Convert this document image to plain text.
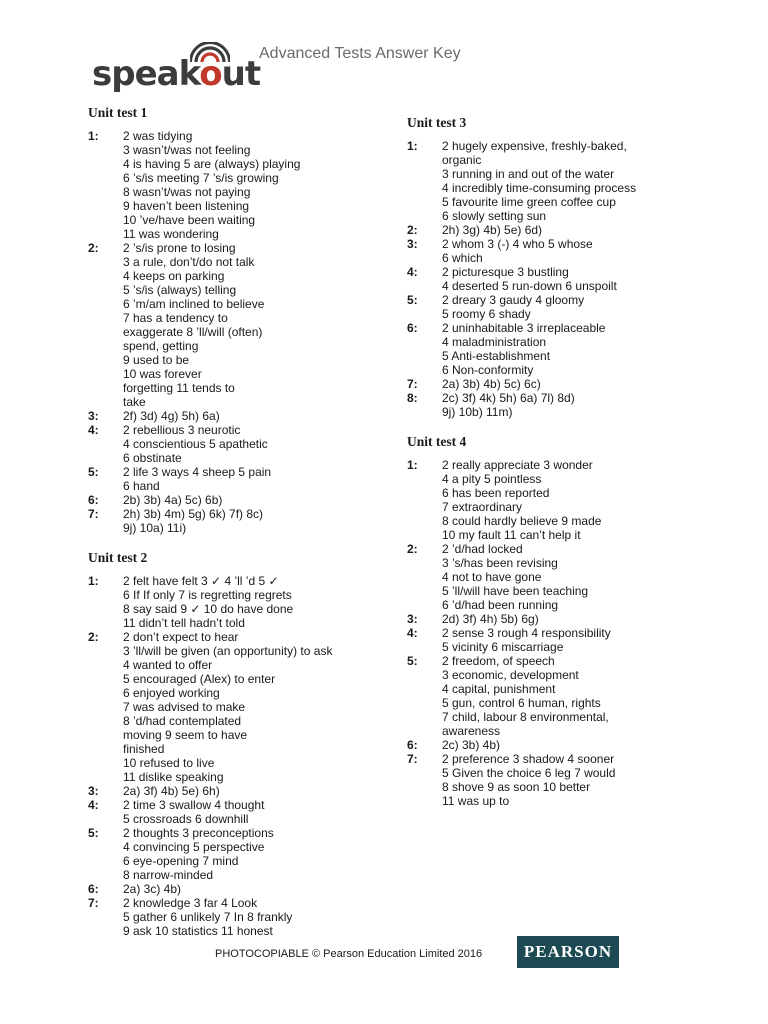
speakout
Advanced Tests Answer Key
Unit test 1
1:	2 was tidying
3 wasn’t/was not feeling
4 is having 5 are (always) playing
6 ’s/is meeting 7 ’s/is growing
8 wasn’t/was not paying
9 haven’t been listening
10 ’ve/have been waiting
11 was wondering
2:	2 ’s/is prone to losing
3 a rule, don’t/do not talk
4 keeps on parking
5 ’s/is (always) telling
6 ’m/am inclined to believe
7 has a tendency to
exaggerate 8 ’ll/will (often)
spend, getting
9 used to be
10 was forever
forgetting 11 tends to
take
3:	2f) 3d) 4g) 5h) 6a)
4:	2 rebellious 3 neurotic
4 conscientious 5 apathetic
6 obstinate
5:	2 life 3 ways 4 sheep 5 pain
6 hand
6:	2b) 3b) 4a) 5c) 6b)
7:	2h) 3b) 4m) 5g) 6k) 7f) 8c)
9j) 10a) 11i)
Unit test 2
1:	2 felt have felt 3 ✓ 4 ’ll ’d 5 ✓
6 If If only 7 is regretting regrets
8 say said 9 ✓ 10 do have done
11 didn’t tell hadn’t told
2:	2 don’t expect to hear
3 ’ll/will be given (an opportunity) to ask
4 wanted to offer
5 encouraged (Alex) to enter
6 enjoyed working
7 was advised to make
8 ’d/had contemplated
moving 9 seem to have
finished
10 refused to live
11 dislike speaking
3:	2a) 3f) 4b) 5e) 6h)
4:	2 time 3 swallow 4 thought
5 crossroads 6 downhill
5:	2 thoughts 3 preconceptions
4 convincing 5 perspective
6 eye-opening 7 mind
8 narrow-minded
6:	2a) 3c) 4b)
7:	2 knowledge 3 far 4 Look
5 gather 6 unlikely 7 In 8 frankly
9 ask 10 statistics 11 honest
Unit test 3
1:	2 hugely expensive, freshly-baked,
organic
3 running in and out of the water
4 incredibly time-consuming process
5 favourite lime green coffee cup
6 slowly setting sun
2:	2h) 3g) 4b) 5e) 6d)
3:	2 whom 3 (-) 4 who 5 whose
6 which
4:	2 picturesque 3 bustling
4 deserted 5 run-down 6 unspoilt
5:	2 dreary 3 gaudy 4 gloomy
5 roomy 6 shady
6:	2 uninhabitable 3 irreplaceable
4 maladministration
5 Anti-establishment
6 Non-conformity
7:	2a) 3b) 4b) 5c) 6c)
8:	2c) 3f) 4k) 5h) 6a) 7l) 8d)
9j) 10b) 11m)
Unit test 4
1:	2 really appreciate 3 wonder
4 a pity 5 pointless
6 has been reported
7 extraordinary
8 could hardly believe 9 made
10 my fault 11 can’t help it
2:	2 ’d/had locked
3 ’s/has been revising
4 not to have gone
5 ’ll/will have been teaching
6 ’d/had been running
3:	2d) 3f) 4h) 5b) 6g)
4:	2 sense 3 rough 4 responsibility
5 vicinity 6 miscarriage
5:	2 freedom, of speech
3 economic, development
4 capital, punishment
5 gun, control 6 human, rights
7 child, labour 8 environmental,
awareness
6:	2c) 3b) 4b)
7:	2 preference 3 shadow 4 sooner
5 Given the choice 6 leg 7 would
8 shove 9 as soon 10 better
11 was up to
PHOTOCOPIABLE © Pearson Education Limited 2016 PEARSON
